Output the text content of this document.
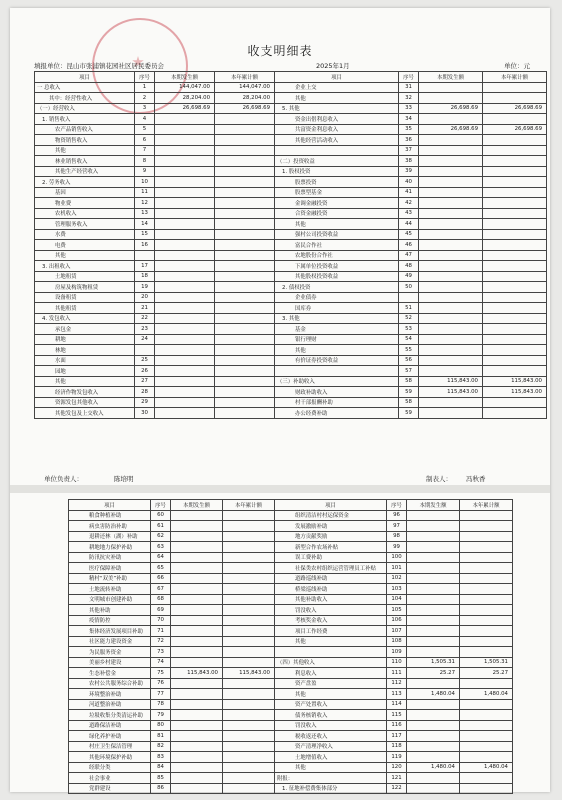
收支明细表
填报单位：昆山市张浦镇花园社区居民委员会	2025年1月	单位：元
项目	序号	本期发生额	本年累计额	项目	序号	本期发生额	本年累计额
一 总收入	1	144,047.00	144,047.00	企业上交	31		
其中：经营性收入	2	28,204.00	28,204.00	其他	32		
（一）经营收入	3	26,698.69	26,698.69	5. 其他	33	26,698.69	26,698.69
1. 销售收入	4			资金出借利息收入	34		
农产品销售收入	5			共富资金利息收入	35	26,698.69	26,698.69
物资销售收入	6			其他经营活动收入	36		
其他	7				37		
林业销售收入	8			（二）投资收益	38		
其他生产经营收入	9			1. 股权投资	39		
2. 劳务收入	10			股票投资	40		
基因	11			股票型基金	41		
物业费	12			金调金融投资	42		
农机收入	13			合资金融投资	43		
管理服务收入	14			其他	44		
水费	15			强村公司投资收益	45		
电费	16			富民合作社	46		
其他				农地股份合作社	47		
3. 出租收入	17			下属单位投资收益	48		
土地租赁	18			其他股权投资收益	49		
房屋及构筑物租赁	19			2. 债权投资	50		
设备租赁	20			企业债券			
其他租赁	21			国库券	51		
4. 发包收入	22			3. 其他	52		
承包金	23			基金	53		
耕地	24			银行理财	54		
林地				其他	55		
水面	25			有价证券投资收益	56		
园地	26				57		
其他	27			（三）补助收入	58	115,843.00	115,843.00
经济作物发包收入	28			财政补助收入	59	115,843.00	115,843.00
资源发包其他收入	29			村干部报酬补助	58		
其他发包及上交收入	30			办公经费补助	59		
单位负责人：	陈培明	制表人： 冯秋香
项目	序号	本期发生额	本年累计额	项目	序号	本期发生额	本年累计额
粮食种植补助	60			组织清洁村村运保资金	96		
病虫害防治补助	61			发展激励补助	97		
退耕还林（湖）补助	62			地方贡献奖励	98		
耕地地力保护补助	63			新型合作农场补贴	99		
防汛抗灾补助	64			误工费补助	100		
医疗保障补助	65			社保类农村组织运营管理员工补贴	101		
精村“双美”补助	66			道路巡线补助	102		
土地流转补助	67			桥梁巡线补助	103		
文明城市创建补助	68			其他补助收入	104		
其他补助	69			罚没收入	105		
疫情防控	70			考核奖金收入	106		
集体经济发展项目补助	71			项目工作经费	107		
社区能力建设资金	72			其他	108		
为民服务资金	73				109		
美丽乡村建设	74			（四）其他收入	110	1,505.31	1,505.31
生态补偿金	75	115,843.00	115,843.00	利息收入	111	25.27	25.27
农村公共服务综合补助	76			资产盘盈	112		
环境整治补助	77			其他	113	1,480.04	1,480.04
河道整治补助	78			资产处置收入	114		
垃圾收集分类清运补助	79			债务核销收入	115		
道路保洁补助	80			罚没收入	116		
绿化养护补助	81			税收返还收入	117		
村庄卫生保洁管理	82			资产清理净收入	118		
其他环境保护补助	83			土地增值收入	119		
经联分类	84			其他	120	1,480.04	1,480.04
社会事业	85			附报：	121		
党群建设	86			1. 征地补偿费集体部分	122		
